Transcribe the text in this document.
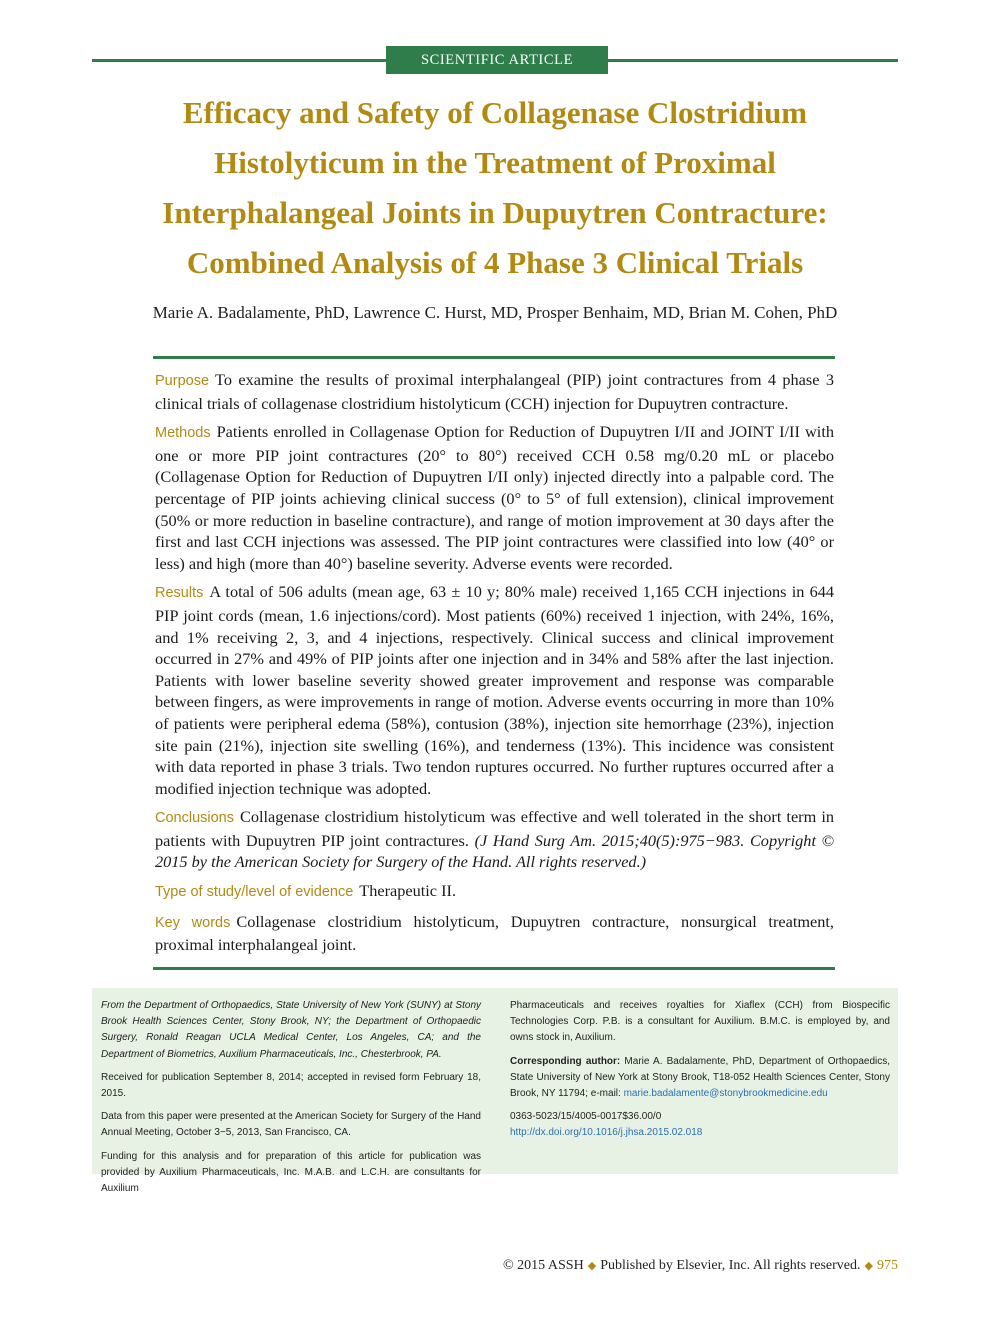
SCIENTIFIC ARTICLE
Efficacy and Safety of Collagenase Clostridium
Histolyticum in the Treatment of Proximal
Interphalangeal Joints in Dupuytren Contracture:
Combined Analysis of 4 Phase 3 Clinical Trials
Marie A. Badalamente, PhD, Lawrence C. Hurst, MD, Prosper Benhaim, MD, Brian M. Cohen, PhD

Purpose To examine the results of proximal interphalangeal (PIP) joint contractures from 4 phase 3 clinical trials of collagenase clostridium histolyticum (CCH) injection for Dupuytren contracture.

Methods Patients enrolled in Collagenase Option for Reduction of Dupuytren I/II and JOINT I/II with one or more PIP joint contractures (20° to 80°) received CCH 0.58 mg/0.20 mL or placebo (Collagenase Option for Reduction of Dupuytren I/II only) injected directly into a palpable cord. The percentage of PIP joints achieving clinical success (0° to 5° of full extension), clinical improvement (50% or more reduction in baseline contracture), and range of motion improvement at 30 days after the first and last CCH injections was assessed. The PIP joint contractures were classified into low (40° or less) and high (more than 40°) baseline severity. Adverse events were recorded.

Results A total of 506 adults (mean age, 63 ± 10 y; 80% male) received 1,165 CCH injections in 644 PIP joint cords (mean, 1.6 injections/cord). Most patients (60%) received 1 injection, with 24%, 16%, and 1% receiving 2, 3, and 4 injections, respectively. Clinical success and clinical improvement occurred in 27% and 49% of PIP joints after one injection and in 34% and 58% after the last injection. Patients with lower baseline severity showed greater improvement and response was comparable between fingers, as were improvements in range of motion. Adverse events occurring in more than 10% of patients were peripheral edema (58%), contusion (38%), injection site hemorrhage (23%), injection site pain (21%), injection site swelling (16%), and tenderness (13%). This incidence was consistent with data reported in phase 3 trials. Two tendon ruptures occurred. No further ruptures occurred after a modified injection technique was adopted.

Conclusions Collagenase clostridium histolyticum was effective and well tolerated in the short term in patients with Dupuytren PIP joint contractures. (J Hand Surg Am. 2015;40(5):975−983. Copyright © 2015 by the American Society for Surgery of the Hand. All rights reserved.)

Type of study/level of evidence Therapeutic II.

Key words Collagenase clostridium histolyticum, Dupuytren contracture, nonsurgical treatment, proximal interphalangeal joint.

From the Department of Orthopaedics, State University of New York (SUNY) at Stony Brook Health Sciences Center, Stony Brook, NY; the Department of Orthopaedic Surgery, Ronald Reagan UCLA Medical Center, Los Angeles, CA; and the Department of Biometrics, Auxilium Pharmaceuticals, Inc., Chesterbrook, PA.

Received for publication September 8, 2014; accepted in revised form February 18, 2015.

Data from this paper were presented at the American Society for Surgery of the Hand Annual Meeting, October 3−5, 2013, San Francisco, CA.

Funding for this analysis and for preparation of this article for publication was provided by Auxilium Pharmaceuticals, Inc. M.A.B. and L.C.H. are consultants for Auxilium

Pharmaceuticals and receives royalties for Xiaflex (CCH) from Biospecific Technologies Corp. P.B. is a consultant for Auxilium. B.M.C. is employed by, and owns stock in, Auxilium.

Corresponding author: Marie A. Badalamente, PhD, Department of Orthopaedics, State University of New York at Stony Brook, T18-052 Health Sciences Center, Stony Brook, NY 11794; e-mail: marie.badalamente@stonybrookmedicine.edu

0363-5023/15/4005-0017$36.00/0
http://dx.doi.org/10.1016/j.jhsa.2015.02.018

© 2015 ASSH ◆ Published by Elsevier, Inc. All rights reserved. ◆ 975
